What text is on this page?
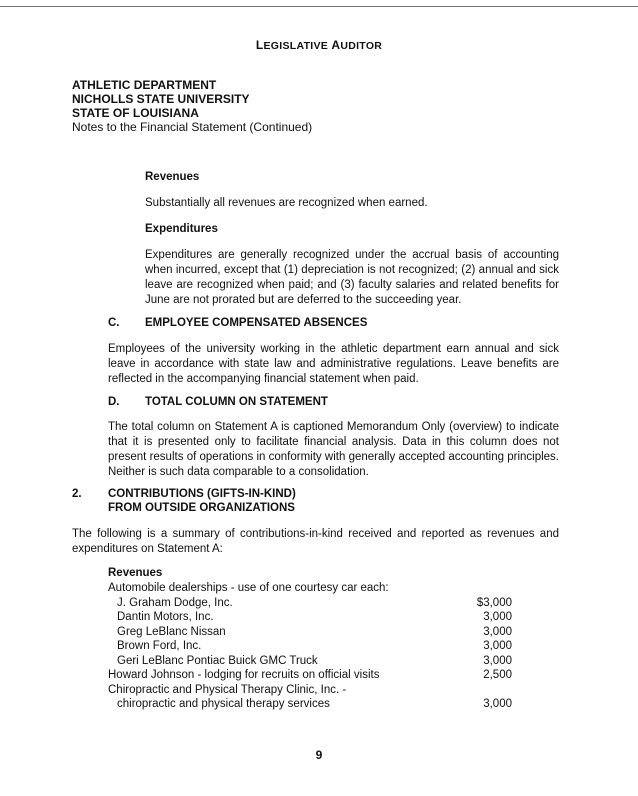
LEGISLATIVE AUDITOR
ATHLETIC DEPARTMENT
NICHOLLS STATE UNIVERSITY
STATE OF LOUISIANA
Notes to the Financial Statement (Continued)
Revenues

Substantially all revenues are recognized when earned.

Expenditures

Expenditures are generally recognized under the accrual basis of accounting when incurred, except that (1) depreciation is not recognized; (2) annual and sick leave are recognized when paid; and (3) faculty salaries and related benefits for June are not prorated but are deferred to the succeeding year.

C. EMPLOYEE COMPENSATED ABSENCES

Employees of the university working in the athletic department earn annual and sick leave in accordance with state law and administrative regulations. Leave benefits are reflected in the accompanying financial statement when paid.

D. TOTAL COLUMN ON STATEMENT

The total column on Statement A is captioned Memorandum Only (overview) to indicate that it is presented only to facilitate financial analysis. Data in this column does not present results of operations in conformity with generally accepted accounting principles. Neither is such data comparable to a consolidation.

2. CONTRIBUTIONS (GIFTS-IN-KIND)
FROM OUTSIDE ORGANIZATIONS

The following is a summary of contributions-in-kind received and reported as revenues and expenditures on Statement A:

Revenues
Automobile dealerships - use of one courtesy car each:
J. Graham Dodge, Inc.	$3,000
Dantin Motors, Inc.	3,000
Greg LeBlanc Nissan	3,000
Brown Ford, Inc.	3,000
Geri LeBlanc Pontiac Buick GMC Truck	3,000
Howard Johnson - lodging for recruits on official visits	2,500
Chiropractic and Physical Therapy Clinic, Inc. -
chiropractic and physical therapy services	3,000
9
